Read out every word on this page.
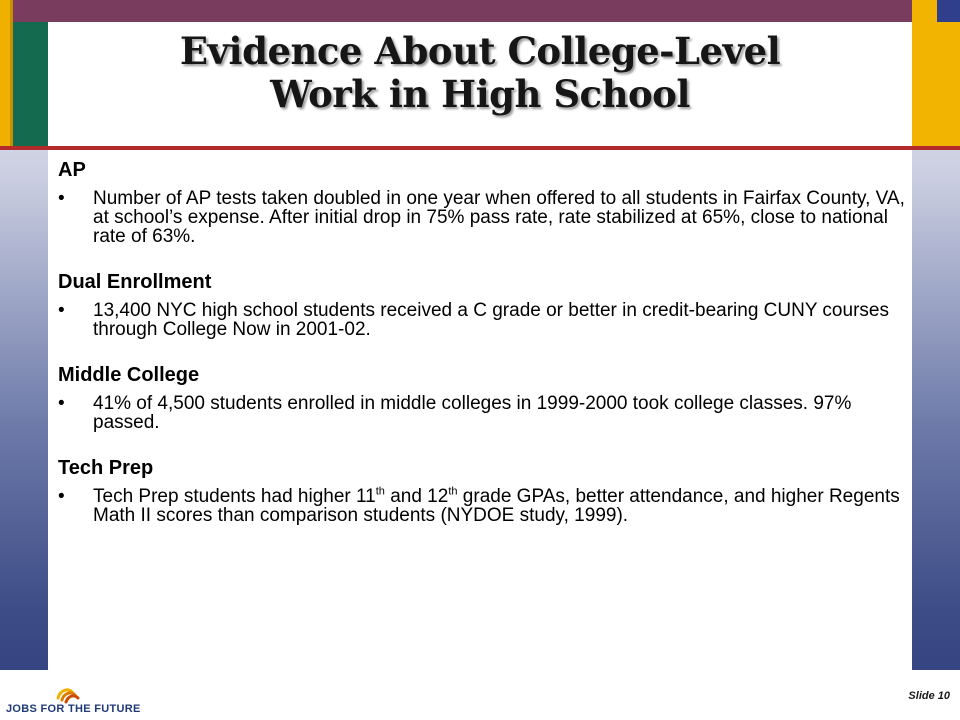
Evidence About College-Level
Work in High School
AP
•	Number of AP tests taken doubled in one year when offered to all students in Fairfax County, VA, at school’s expense. After initial drop in 75% pass rate, rate stabilized at 65%, close to national rate of 63%.
Dual Enrollment
•	13,400 NYC high school students received a C grade or better in credit-bearing CUNY courses through College Now in 2001-02.
Middle College
•	41% of 4,500 students enrolled in middle colleges in 1999-2000 took college classes. 97% passed.
Tech Prep
•	Tech Prep students had higher 11th and 12th grade GPAs, better attendance, and higher Regents Math II scores than comparison students (NYDOE study, 1999).
JOBS FOR THE FUTURE
Slide 10
